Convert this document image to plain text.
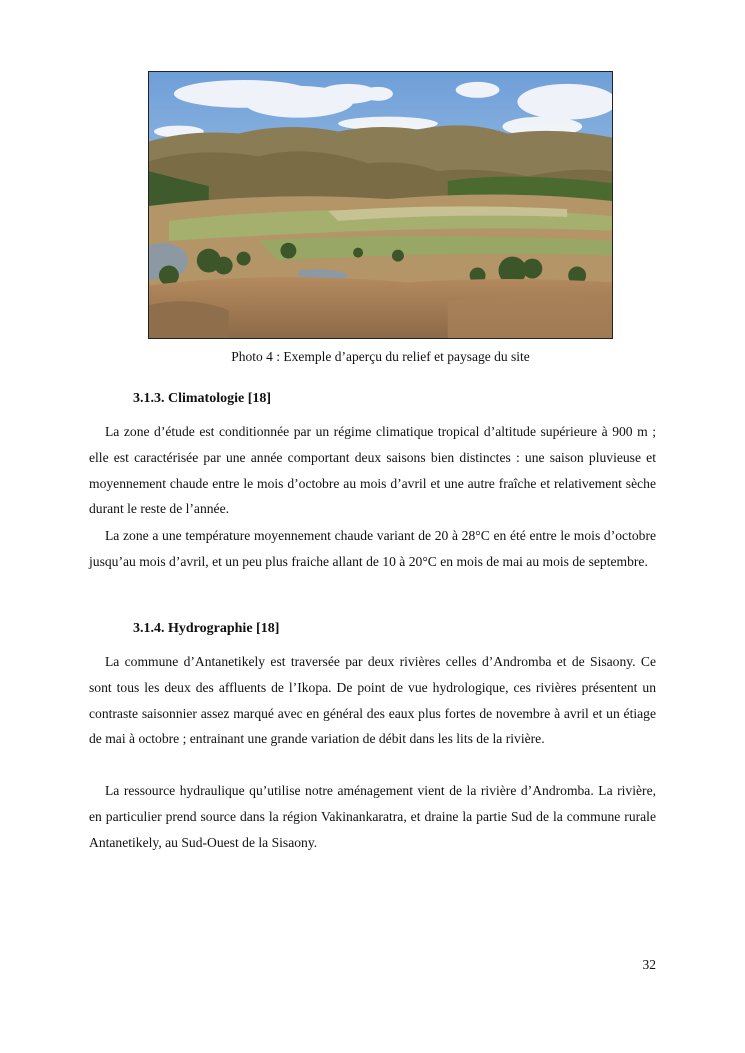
Photo 4 : Exemple d’aperçu du relief et paysage du site
3.1.3. Climatologie [18]

La zone d’étude est conditionnée par un régime climatique tropical d’altitude supérieure à 900 m ; elle est caractérisée par une année comportant deux saisons bien distinctes : une saison pluvieuse et moyennement chaude entre le mois d’octobre au mois d’avril et une autre fraîche et relativement sèche durant le reste de l’année.

La zone a une température moyennement chaude variant de 20 à 28°C en été entre le mois d’octobre jusqu’au mois d’avril, et un peu plus fraiche allant de 10 à 20°C en mois de mai au mois de septembre.

3.1.4. Hydrographie [18]

La commune d’Antanetikely est traversée par deux rivières celles d’Andromba et de Sisaony. Ce sont tous les deux des affluents de l’Ikopa. De point de vue hydrologique, ces rivières présentent un contraste saisonnier assez marqué avec en général des eaux plus fortes de novembre à avril et un étiage de mai à octobre ; entrainant une grande variation de débit dans les lits de la rivière.

La ressource hydraulique qu’utilise notre aménagement vient de la rivière d’Andromba. La rivière, en particulier prend source dans la région Vakinankaratra, et draine la partie Sud de la commune rurale Antanetikely, au Sud-Ouest de la Sisaony.

32
